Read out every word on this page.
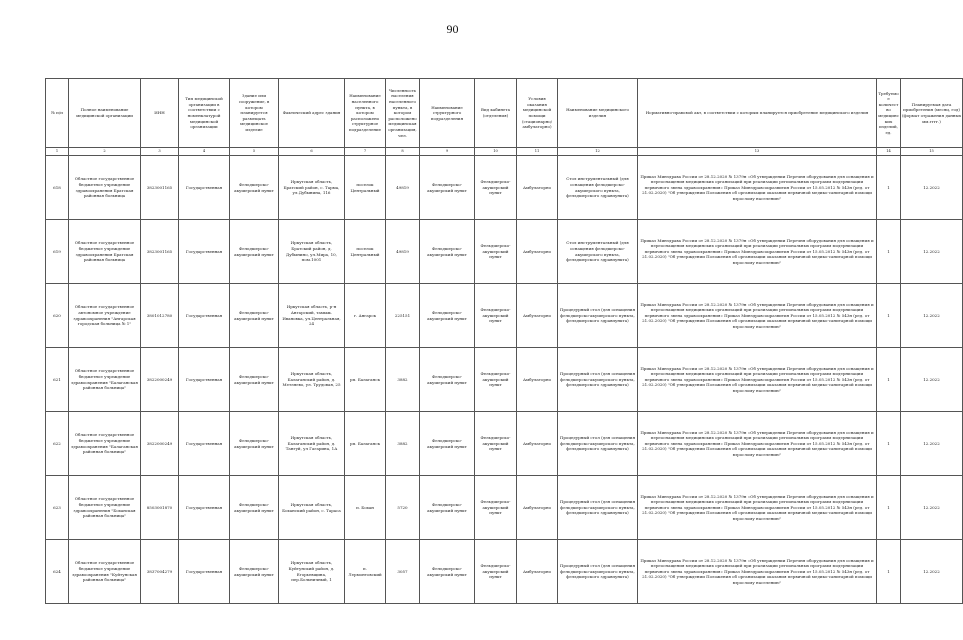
90
№ п/п	Полное наименование медицинской организации	ИНН	Тип медицинской организации в соответствии с номенклатурой медицинской организации	Здание или сооружение, в котором планируется размещать медицинское изделие	Фактический адрес здания	Наименование населенного пункта, в котором расположено структурное подразделение	Численность населения населенного пункта, в котором расположено медицинская организация, чел.	Наименование структурного подразделения	Вид кабинета (отделения)	Условия оказания медицинской помощи (стационарно/амбулаторно)	Наименование медицинского изделия	Нормативно-правовой акт, в соответствии с которым планируется приобретение медицинского изделия	Требуемое количество медицинских изделий, ед.	Планируемая дата приобретения (месяц, год) (формат отражения данных мм.гггг.)
1	2	3	4	5	6	7	8	9	10	11	12	13	14	15
618	Областное государственное бюджетное учреждение здравоохранения Братская районная больница	3823001165	Государственная	Фельдшерско-акушерский пункт	Иркутская область, Братский район, с. Тарма, ул.Дубынина, 116	поселок Центральный	49819	Фельдшерско-акушерский пункт	Фельдшерско-акушерский пункт	Амбулаторно	Стол инструментальный (для оснащения фельдшерско-акушерского пункта, фельдшерского здравпункта)	Приказ Минздрава России от 28.12.2020 № 1379н «Об утверждении Перечня оборудования для оснащения и переоснащения медицинских организаций при реализации региональных программ модернизации первичного звена здравоохранения» Приказ Минздравсоцразвития России от 15.05.2012 № 543н (ред. от 21.02.2020) "Об утверждении Положения об организации оказания первичной медико-санитарной помощи взрослому населению"	1	12.2022
619	Областное государственное бюджетное учреждение здравоохранения Братская районная больница	3823001165	Государственная	Фельдшерско-акушерский пункт	Иркутская область, Братский район, д. Дубынино, ул.Мира, 10, пом.1001	поселок Центральный	49819	Фельдшерско-акушерский пункт	Фельдшерско-акушерский пункт	Амбулаторно	Стол инструментальный (для оснащения фельдшерско-акушерского пункта, фельдшерского здравпункта)	Приказ Минздрава России от 28.12.2020 № 1379н «Об утверждении Перечня оборудования для оснащения и переоснащения медицинских организаций при реализации региональных программ модернизации первичного звена здравоохранения» Приказ Минздравсоцразвития России от 15.05.2012 № 543н (ред. от 21.02.2020) "Об утверждении Положения об организации оказания первичной медико-санитарной помощи взрослому населению"	1	12.2022
620	Областное государственное автономное учреждение здравоохранения "Ангарская городская больница № 1"	3801012780	Государственная	Фельдшерско-акушерский пункт	Иркутская область, р-н Ангарский, тамыж. Ивановка, ул.Центральная, 24	г. Ангарск	225151	Фельдшерско-акушерский пункт	Фельдшерско-акушерский пункт	Амбулаторно	Процедурный стол (для оснащения фельдшерско-акушерского пункта, фельдшерского здравпункта)	Приказ Минздрава России от 28.12.2020 № 1379н «Об утверждении Перечня оборудования для оснащения и переоснащения медицинских организаций при реализации региональных программ модернизации первичного звена здравоохранения» Приказ Минздравсоцразвития России от 15.05.2012 № 543н (ред. от 21.02.2020) "Об утверждении Положения об организации оказания первичной медико-санитарной помощи взрослому населению"	1	12.2022
621	Областное государственное бюджетное учреждение здравоохранения "Балаганская районная больница"	3822000249	Государственная	Фельдшерско-акушерский пункт	Иркутская область, Балаганский район, д. Метляево, ул. Трудовая, 25	рп. Балаганск	3882	Фельдшерско-акушерский пункт	Фельдшерско-акушерский пункт	Амбулаторно	Процедурный стол (для оснащения фельдшерско-акушерского пункта, фельдшерского здравпункта)	Приказ Минздрава России от 28.12.2020 № 1379н «Об утверждении Перечня оборудования для оснащения и переоснащения медицинских организаций при реализации региональных программ модернизации первичного звена здравоохранения» Приказ Минздравсоцразвития России от 15.05.2012 № 543н (ред. от 21.02.2020) "Об утверждении Положения об организации оказания первичной медико-санитарной помощи взрослому населению"	1	12.2022
622	Областное государственное бюджетное учреждение здравоохранения "Балаганская районная больница"	3822000249	Государственная	Фельдшерско-акушерский пункт	Иркутская область, Балаганский район, д. Тангуй, ул Гагарина, 1А	рп. Балаганск	3882	Фельдшерско-акушерский пункт	Фельдшерско-акушерский пункт	Амбулаторно	Процедурный стол (для оснащения фельдшерско-акушерского пункта, фельдшерского здравпункта)	Приказ Минздрава России от 28.12.2020 № 1379н «Об утверждении Перечня оборудования для оснащения и переоснащения медицинских организаций при реализации региональных программ модернизации первичного звена здравоохранения» Приказ Минздравсоцразвития России от 15.05.2012 № 543н (ред. от 21.02.2020) "Об утверждении Положения об организации оказания первичной медико-санитарной помощи взрослому населению"	1	12.2022
623	Областное государственное бюджетное учреждение здравоохранения "Боханская районная больница"	8503001870	Государственная	Фельдшерско-акушерский пункт	Иркутская область, Боханский район, с. Тараса	п. Бохан	5720	Фельдшерско-акушерский пункт	Фельдшерско-акушерский пункт	Амбулаторно	Процедурный стол (для оснащения фельдшерско-акушерского пункта, фельдшерского здравпункта)	Приказ Минздрава России от 28.12.2020 № 1379н «Об утверждении Перечня оборудования для оснащения и переоснащения медицинских организаций при реализации региональных программ модернизации первичного звена здравоохранения» Приказ Минздравсоцразвития России от 15.05.2012 № 543н (ред. от 21.02.2020) "Об утверждении Положения об организации оказания первичной медико-санитарной помощи взрослому населению"	1	12.2022
624	Областное государственное бюджетное учреждение здравоохранения "Куйтунская районная больница"	3837004279	Государственная	Фельдшерско-акушерский пункт	Иркутская область, Куйтунский район, д. Егорьевщина, пер.Больничный, 1	п. Лермонтовский	3057	Фельдшерско-акушерский пункт	Фельдшерско-акушерский пункт	Амбулаторно	Процедурный стол (для оснащения фельдшерско-акушерского пункта, фельдшерского здравпункта)	Приказ Минздрава России от 28.12.2020 № 1379н «Об утверждении Перечня оборудования для оснащения и переоснащения медицинских организаций при реализации региональных программ модернизации первичного звена здравоохранения» Приказ Минздравсоцразвития России от 15.05.2012 № 543н (ред. от 21.02.2020) "Об утверждении Положения об организации оказания первичной медико-санитарной помощи взрослому населению"	1	12.2022
